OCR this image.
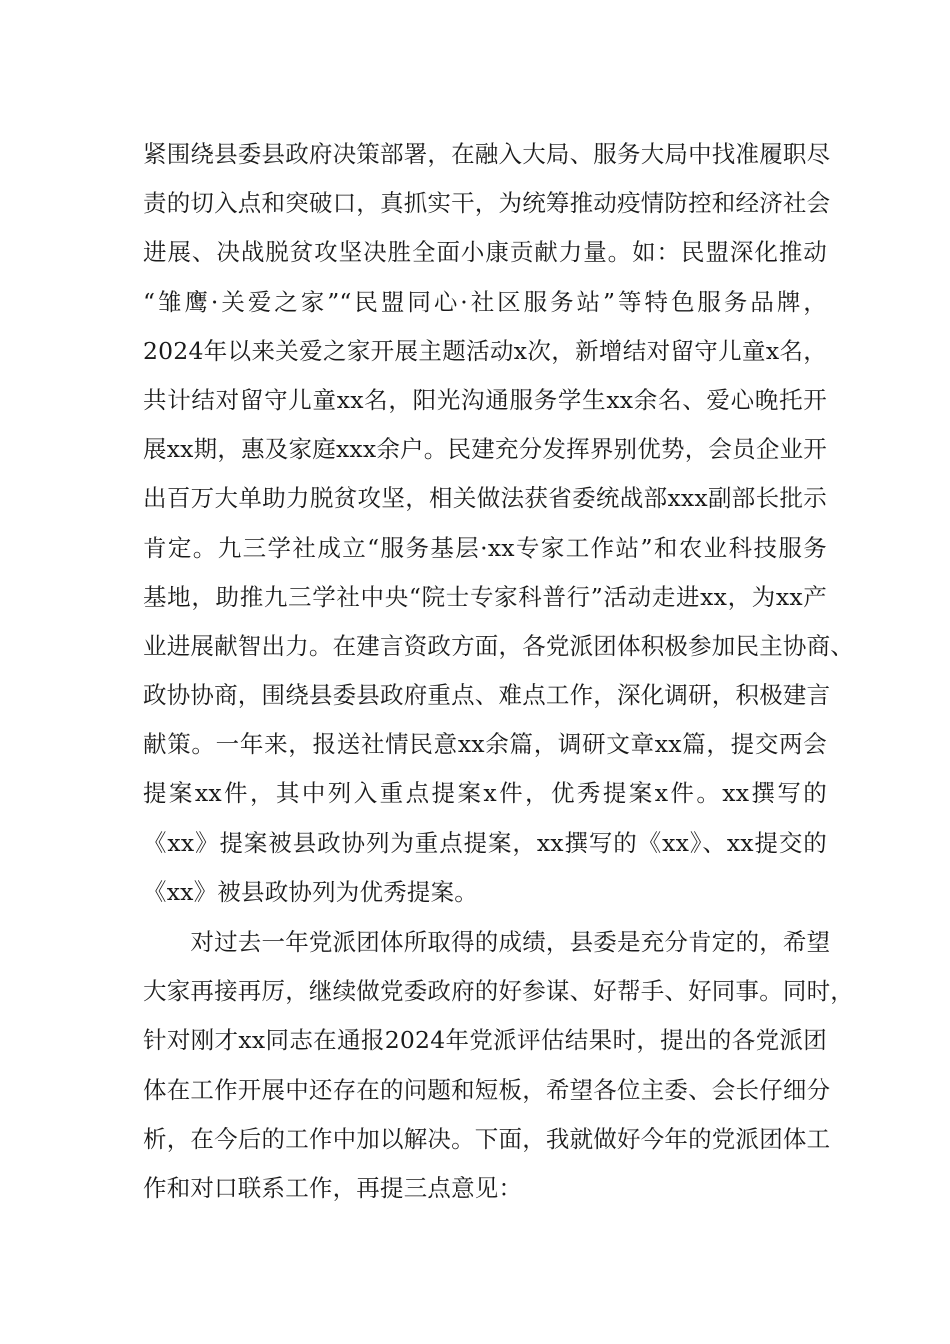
紧围绕县委县政府决策部署，在融入大局、服务大局中找准履职尽
责的切入点和突破口，真抓实干，为统筹推动疫情防控和经济社会
进展、决战脱贫攻坚决胜全面小康贡献力量。如：民盟深化推动
“雏鹰·关爱之家”“民盟同心·社区服务站”等特色服务品牌，
2024年以来关爱之家开展主题活动x次，新增结对留守儿童x名，
共计结对留守儿童xx名，阳光沟通服务学生xx余名、爱心晚托开
展xx期，惠及家庭xxx余户。民建充分发挥界别优势，会员企业开
出百万大单助力脱贫攻坚，相关做法获省委统战部xxx副部长批示
肯定。九三学社成立“服务基层·xx专家工作站”和农业科技服务
基地，助推九三学社中央“院士专家科普行”活动走进xx，为xx产
业进展献智出力。在建言资政方面，各党派团体积极参加民主协商、
政协协商，围绕县委县政府重点、难点工作，深化调研，积极建言
献策。一年来，报送社情民意xx余篇，调研文章xx篇，提交两会
提案xx件，其中列入重点提案x件，优秀提案x件。xx撰写的
《xx》提案被县政协列为重点提案，xx撰写的《xx》、xx提交的
《xx》被县政协列为优秀提案。
　　对过去一年党派团体所取得的成绩，县委是充分肯定的，希望
大家再接再厉，继续做党委政府的好参谋、好帮手、好同事。同时，
针对刚才xx同志在通报2024年党派评估结果时，提出的各党派团
体在工作开展中还存在的问题和短板，希望各位主委、会长仔细分
析，在今后的工作中加以解决。下面，我就做好今年的党派团体工
作和对口联系工作，再提三点意见：
